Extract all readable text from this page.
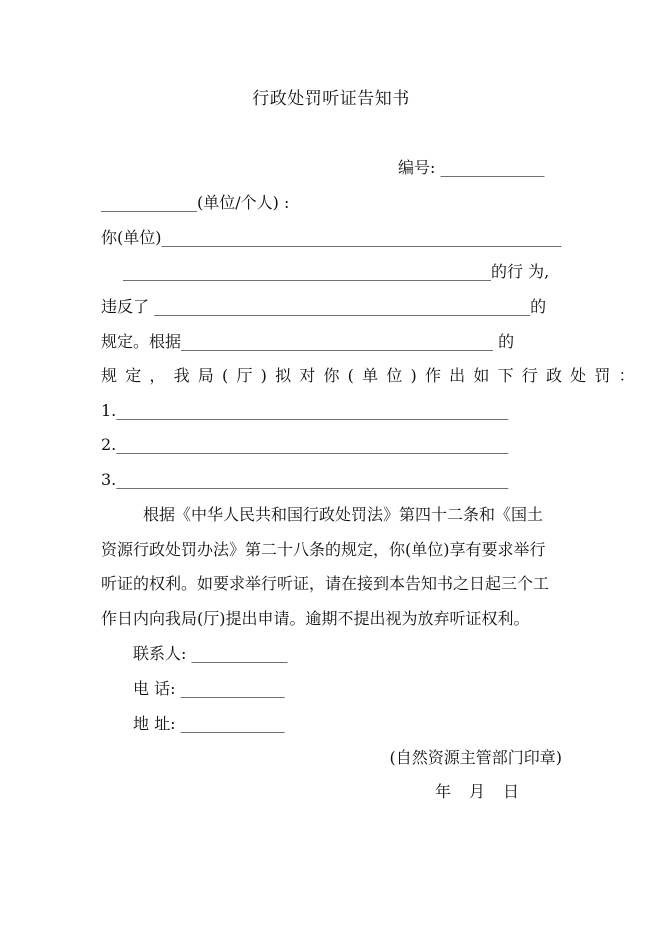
行政处罚听证告知书
编号: _____________
____________(单位/个人) :
你(单位)__________________________________________________
______________________________________________的行 为,
违反了 _______________________________________________的
规定。根据_______________________________________ 的
规定，我局(厅)拟对你(单位)作出如下行政处罚：
1._________________________________________________
2._________________________________________________
3._________________________________________________
根据《中华人民共和国行政处罚法》第四十二条和《国土
资源行政处罚办法》第二十八条的规定，你(单位)享有要求举行
听证的权利。如要求举行听证，请在接到本告知书之日起三个工
作日内向我局(厅)提出申请。逾期不提出视为放弃听证权利。
联系人: ____________
电 话: _____________
地 址: _____________
(自然资源主管部门印章)
年 月 日
